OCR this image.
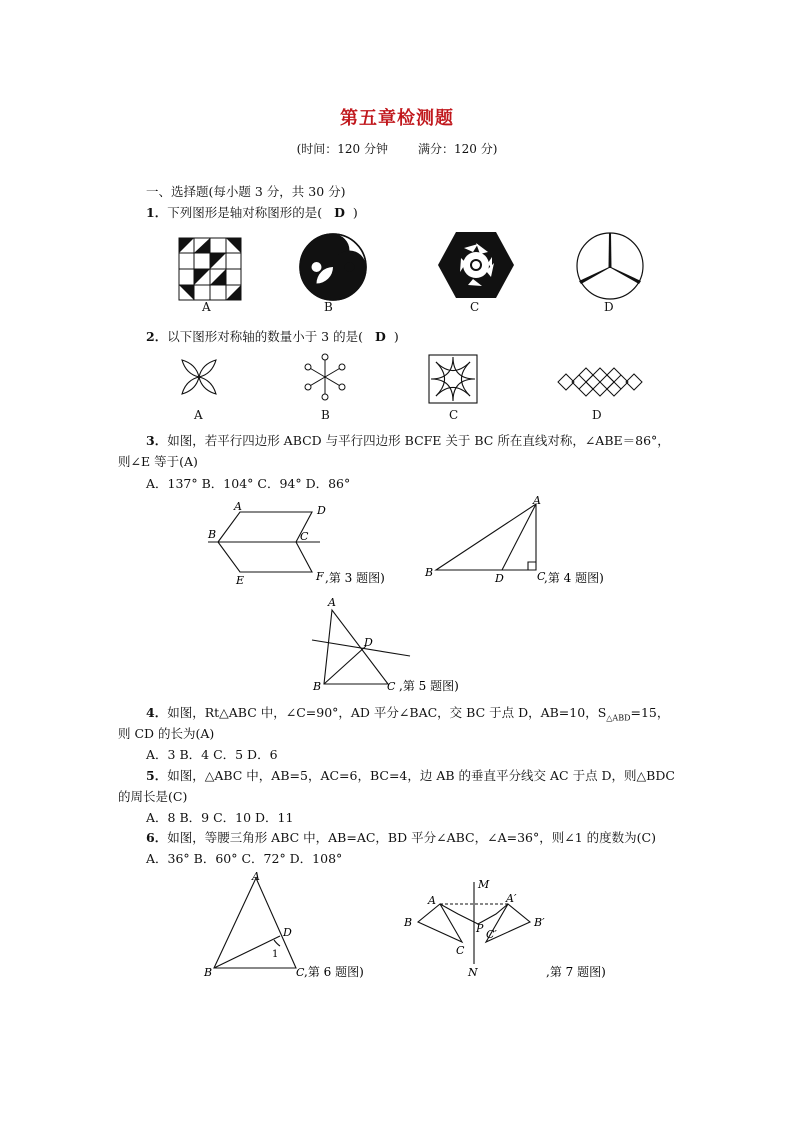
第五章检测题
(时间：120 分钟	满分：120 分)
一、选择题(每小题 3 分，共 30 分)
1．下列图形是轴对称图形的是( D )
A	B	C	D
2．以下图形对称轴的数量小于 3 的是( D )
A	B	C	D
3．如图，若平行四边形 ABCD 与平行四边形 BCFE 关于 BC 所在直线对称，∠ABE＝86°，
则∠E 等于(A)
A．137° B．104° C．94° D．86°
A	D
B	C
E	F ,第 3 题图)
A
B	D	C
,第 4 题图)
A
D
B	C ,第 5 题图)
4．如图，Rt△ABC 中，∠C=90°，AD 平分∠BAC，交 BC 于点 D，AB=10，$S_{\triangle ABD}=15$，
则 CD 的长为(A)
A．3 B．4 C．5 D．6
5．如图，△ABC 中，AB=5，AC=6，BC=4，边 AB 的垂直平分线交 AC 于点 D，则△BDC
的周长是(C)
A．8 B．9 C．10 D．11
6．如图，等腰三角形 ABC 中，AB=AC，BD 平分∠ABC，∠A=36°，则∠1 的度数为(C)
A．36° B．60° C．72° D．108°
A
D
B
1
C ,第 6 题图)
M
A	A′
B	B′
P
C
C′
N	,第 7 题图)
